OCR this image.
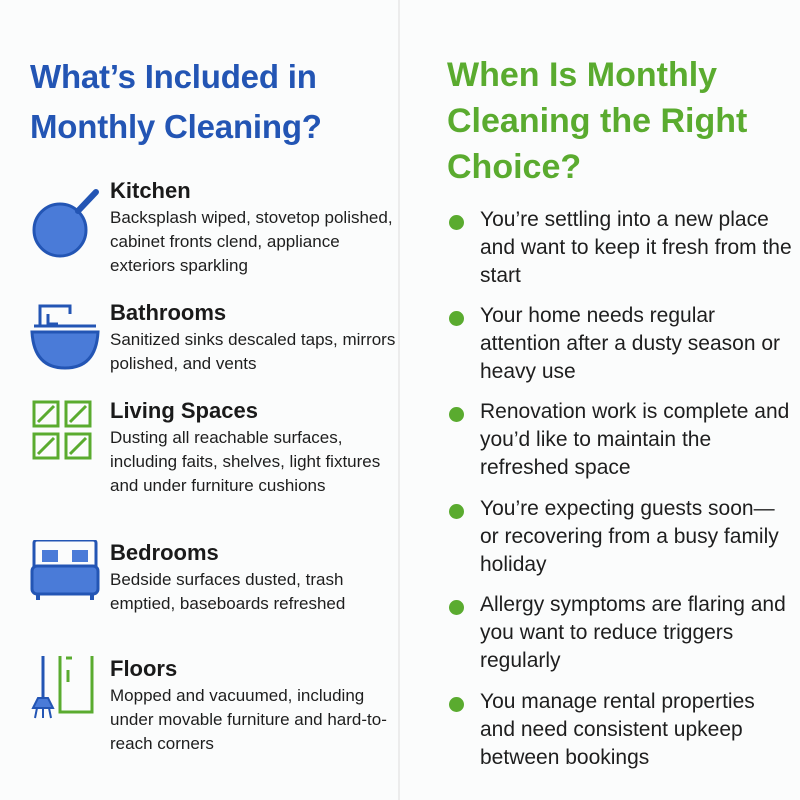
What’s Included in Monthly Cleaning?
Kitchen
Backsplash wiped, stovetop polished, cabinet fronts clend, appliance exteriors sparkling
Bathrooms
Sanitized sinks descaled taps, mirrors polished, and vents
Living Spaces
Dusting all reachable surfaces, including faits, shelves, light fixtures and under furniture cushions
Bedrooms
Bedside surfaces dusted, trash emptied, baseboards refreshed
Floors
Mopped and vacuumed, including under movable furniture and hard-to-reach corners
When Is Monthly Cleaning the Right Choice?
You’re settling into a new place and want to keep it fresh from the start
Your home needs regular attention after a dusty season or heavy use
Renovation work is complete and you’d like to maintain the refreshed space
You’re expecting guests soon—or recovering from a busy family holiday
Allergy symptoms are flaring and you want to reduce triggers regularly
You manage rental properties and need consistent upkeep between bookings
